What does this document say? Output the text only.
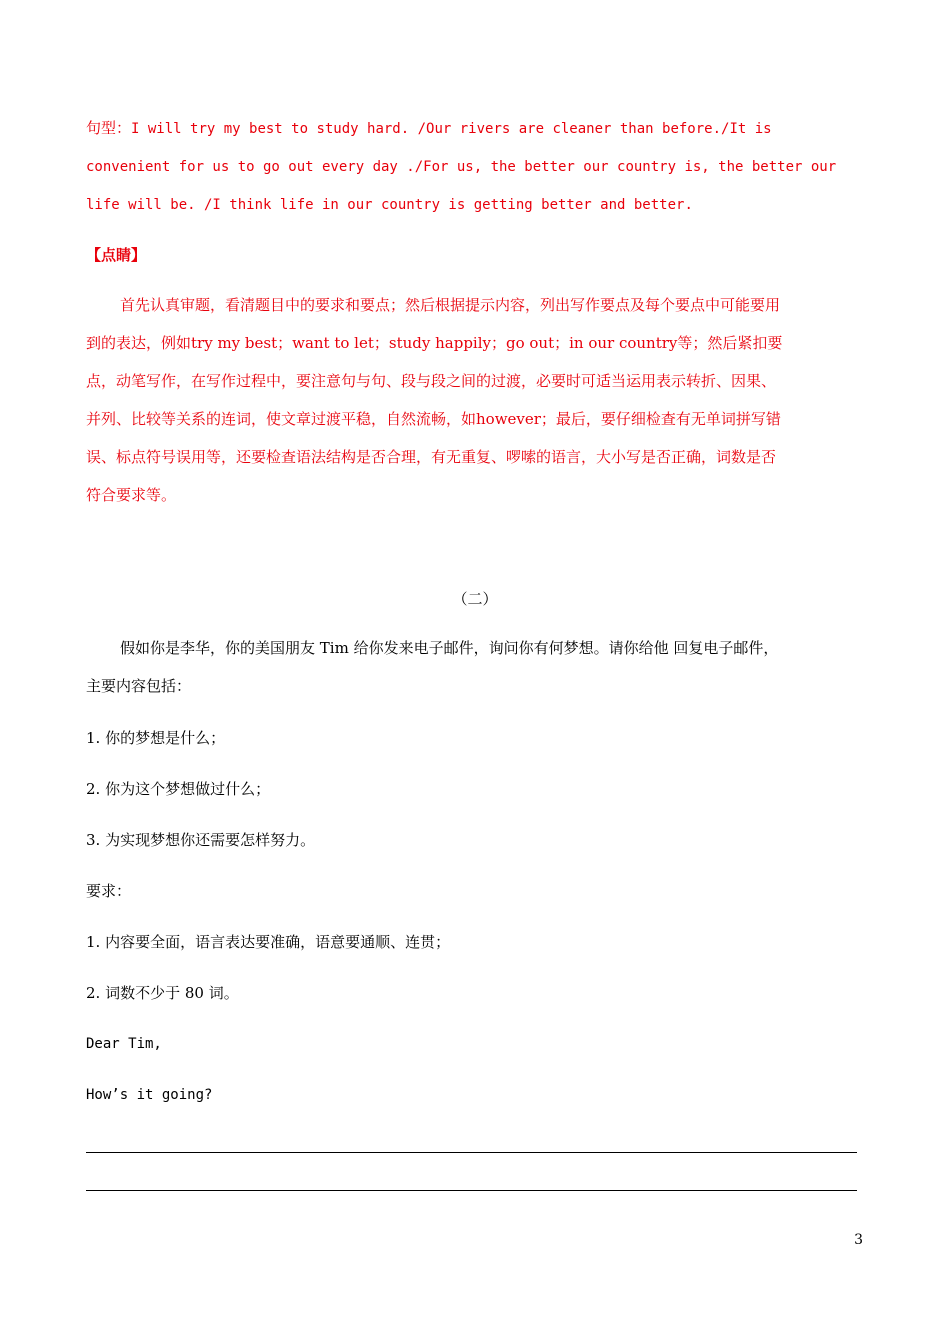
句型：I will try my best to study hard. /Our rivers are cleaner than before./It is
convenient for us to go out every day ./For us, the better our country is, the better our
life will be. /I think life in our country is getting better and better.
【点睛】
首先认真审题，看清题目中的要求和要点；然后根据提示内容，列出写作要点及每个要点中可能要用
到的表达，例如try my best；want to let；study happily；go out；in our country等；然后紧扣要
点，动笔写作，在写作过程中，要注意句与句、段与段之间的过渡，必要时可适当运用表示转折、因果、
并列、比较等关系的连词，使文章过渡平稳，自然流畅，如however；最后，要仔细检查有无单词拼写错
误、标点符号误用等，还要检查语法结构是否合理，有无重复、啰嗦的语言，大小写是否正确，词数是否
符合要求等。
（二）
假如你是李华，你的美国朋友 Tim 给你发来电子邮件，询问你有何梦想。请你给他 回复电子邮件，
主要内容包括：
1. 你的梦想是什么；
2. 你为这个梦想做过什么；
3. 为实现梦想你还需要怎样努力。
要求：
1. 内容要全面，语言表达要准确，语意要通顺、连贯；
2. 词数不少于 80 词。
Dear Tim,
How’s it going?
3
